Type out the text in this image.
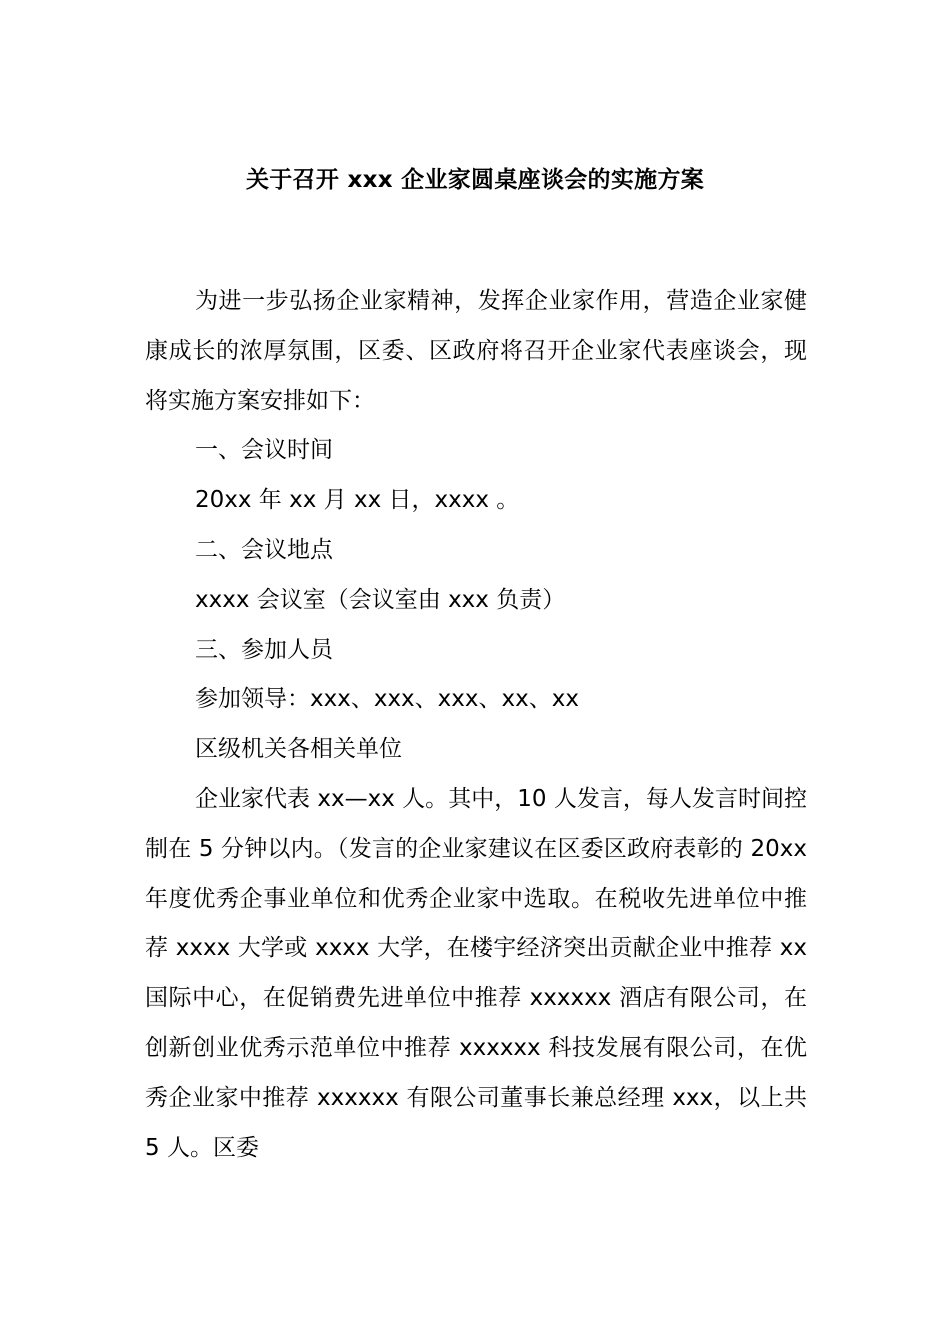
关于召开 xxx 企业家圆桌座谈会的实施方案

为进一步弘扬企业家精神，发挥企业家作用，营造企业家健康成长的浓厚氛围，区委、区政府将召开企业家代表座谈会，现将实施方案安排如下：

一、会议时间

20xx 年 xx 月 xx 日，xxxx 。

二、会议地点

xxxx 会议室（会议室由 xxx 负责）

三、参加人员

参加领导：xxx、xxx、xxx、xx、xx

区级机关各相关单位

企业家代表 xx—xx 人。其中，10 人发言，每人发言时间控制在 5 分钟以内。（发言的企业家建议在区委区政府表彰的 20xx 年度优秀企事业单位和优秀企业家中选取。在税收先进单位中推荐 xxxx 大学或 xxxx 大学，在楼宇经济突出贡献企业中推荐 xx 国际中心，在促销费先进单位中推荐 xxxxxx 酒店有限公司，在创新创业优秀示范单位中推荐 xxxxxx 科技发展有限公司，在优秀企业家中推荐 xxxxxx 有限公司董事长兼总经理 xxx，以上共 5 人。区委
